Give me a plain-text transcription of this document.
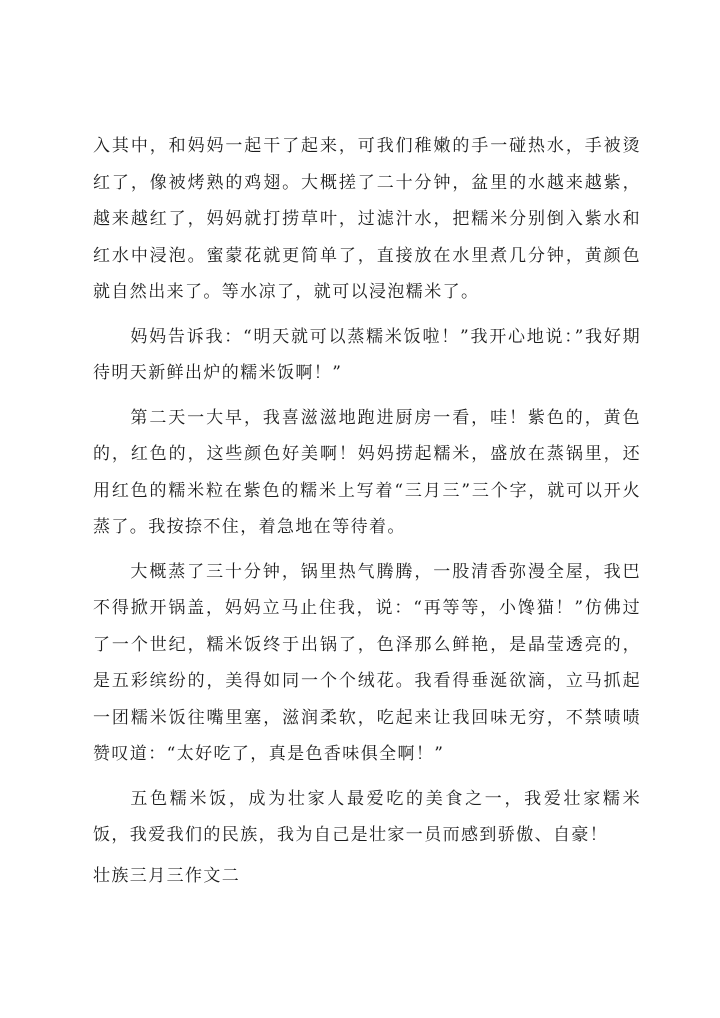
入其中，和妈妈一起干了起来，可我们稚嫩的手一碰热水，手被烫红了，像被烤熟的鸡翅。大概搓了二十分钟，盆里的水越来越紫，越来越红了，妈妈就打捞草叶，过滤汁水，把糯米分别倒入紫水和红水中浸泡。蜜蒙花就更简单了，直接放在水里煮几分钟，黄颜色就自然出来了。等水凉了，就可以浸泡糯米了。

妈妈告诉我：“明天就可以蒸糯米饭啦！”我开心地说：”我好期待明天新鲜出炉的糯米饭啊！”

第二天一大早，我喜滋滋地跑进厨房一看，哇！紫色的，黄色的，红色的，这些颜色好美啊！妈妈捞起糯米，盛放在蒸锅里，还用红色的糯米粒在紫色的糯米上写着“三月三”三个字，就可以开火蒸了。我按捺不住，着急地在等待着。

大概蒸了三十分钟，锅里热气腾腾，一股清香弥漫全屋，我巴不得掀开锅盖，妈妈立马止住我，说：“再等等，小馋猫！”仿佛过了一个世纪，糯米饭终于出锅了，色泽那么鲜艳，是晶莹透亮的，是五彩缤纷的，美得如同一个个绒花。我看得垂涎欲滴，立马抓起一团糯米饭往嘴里塞，滋润柔软，吃起来让我回味无穷，不禁啧啧赞叹道：“太好吃了，真是色香味俱全啊！”

五色糯米饭，成为壮家人最爱吃的美食之一，我爱壮家糯米饭，我爱我们的民族，我为自己是壮家一员而感到骄傲、自豪！

壮族三月三作文二
